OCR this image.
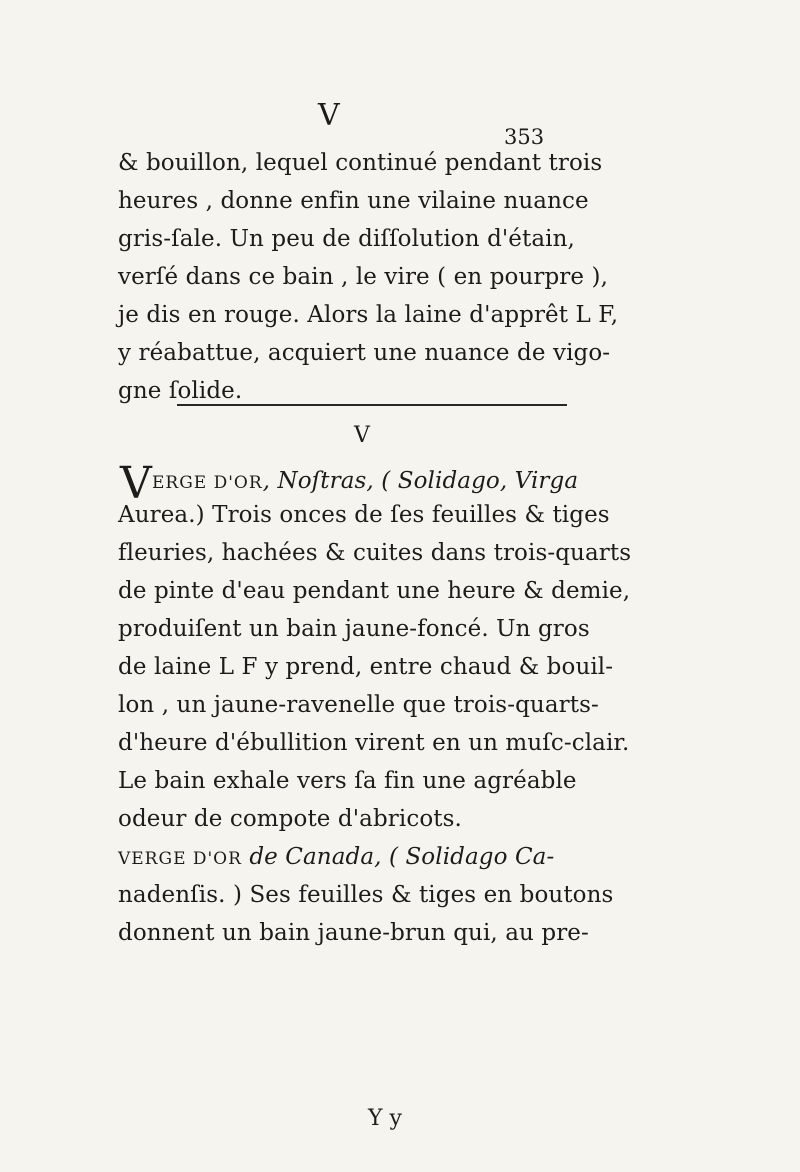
V
353
& bouillon, lequel continué pendant trois
heures , donne enfin une vilaine nuance
gris-ſale. Un peu de diſſolution d'étain,
verſé dans ce bain , le vire ( en pourpre ),
je dis en rouge. Alors la laine d'apprêt L F,
y réabattue, acquiert une nuance de vigo-
gne ſolide.
V
V ERGE D'OR, Noſtras, ( Solidago, Virga
Aurea.) Trois onces de ſes feuilles & tiges
fleuries, hachées & cuites dans trois-quarts
de pinte d'eau pendant une heure & demie,
produiſent un bain jaune-foncé. Un gros
de laine L F y prend, entre chaud & bouil-
lon , un jaune-ravenelle que trois-quarts-
d'heure d'ébullition virent en un muſc-clair.
Le bain exhale vers ſa fin une agréable
odeur de compote d'abricots.
VERGE D'OR de Canada, ( Solidago Ca-
nadenſis. ) Ses feuilles & tiges en boutons
donnent un bain jaune-brun qui, au pre-
Y y
